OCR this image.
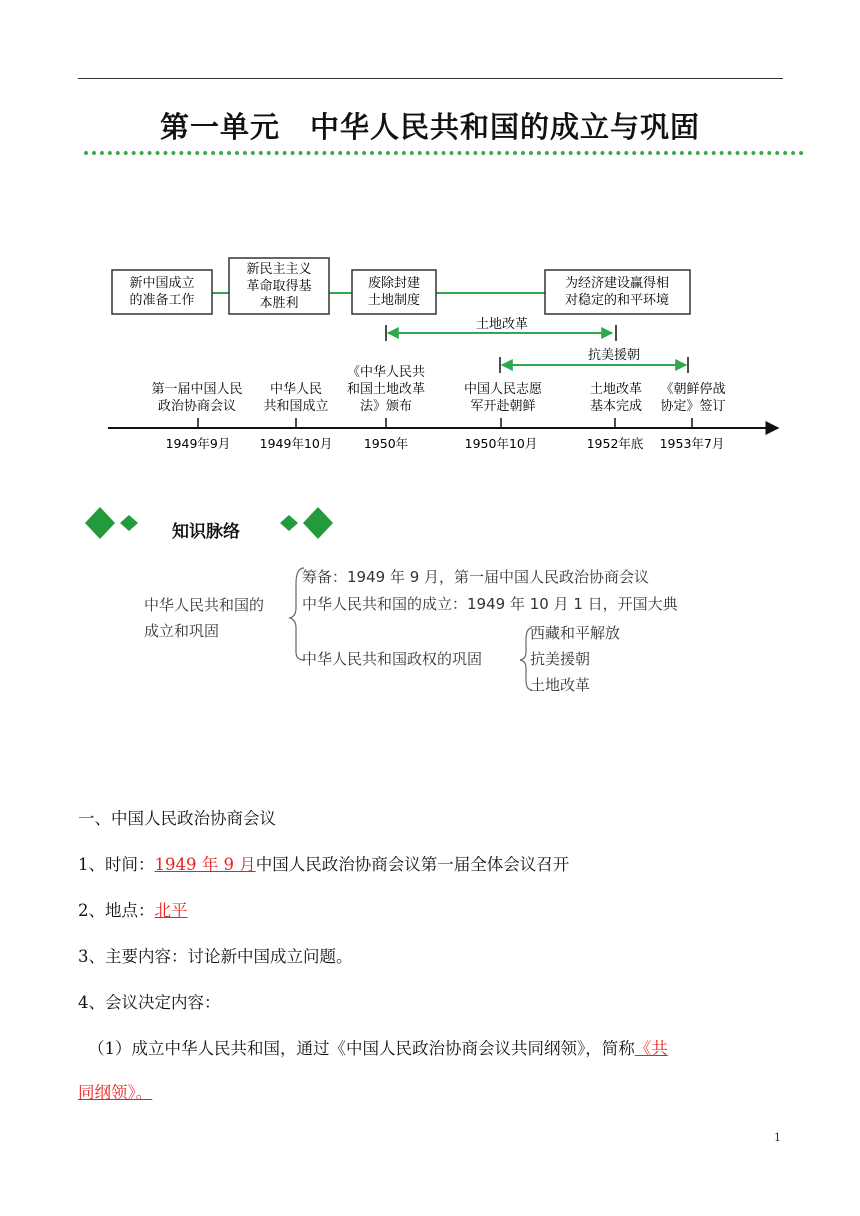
第一单元　中华人民共和国的成立与巩固
新中国成立的准备工作
新民主主义革命取得基本胜利
废除封建土地制度
为经济建设赢得相对稳定的和平环境
土地改革
抗美援朝
第一届中国人民政治协商会议
1949年9月
中华人民共和国成立
1949年10月
《中华人民共和国土地改革法》颁布
1950年
中国人民志愿军开赴朝鲜
1950年10月
土地改革基本完成
1952年底
《朝鲜停战协定》签订
1953年7月
知识脉络
中华人民共和国的成立和巩固
筹备：1949 年 9 月，第一届中国人民政治协商会议
中华人民共和国的成立：1949 年 10 月 1 日，开国大典
中华人民共和国政权的巩固
西藏和平解放
抗美援朝
土地改革
一、中国人民政治协商会议
1、时间：1949 年 9 月中国人民政治协商会议第一届全体会议召开
2、地点：北平
3、主要内容：讨论新中国成立问题。
4、会议决定内容：
（1）成立中华人民共和国，通过《中国人民政治协商会议共同纲领》，简称《共
同纲领》。
1
